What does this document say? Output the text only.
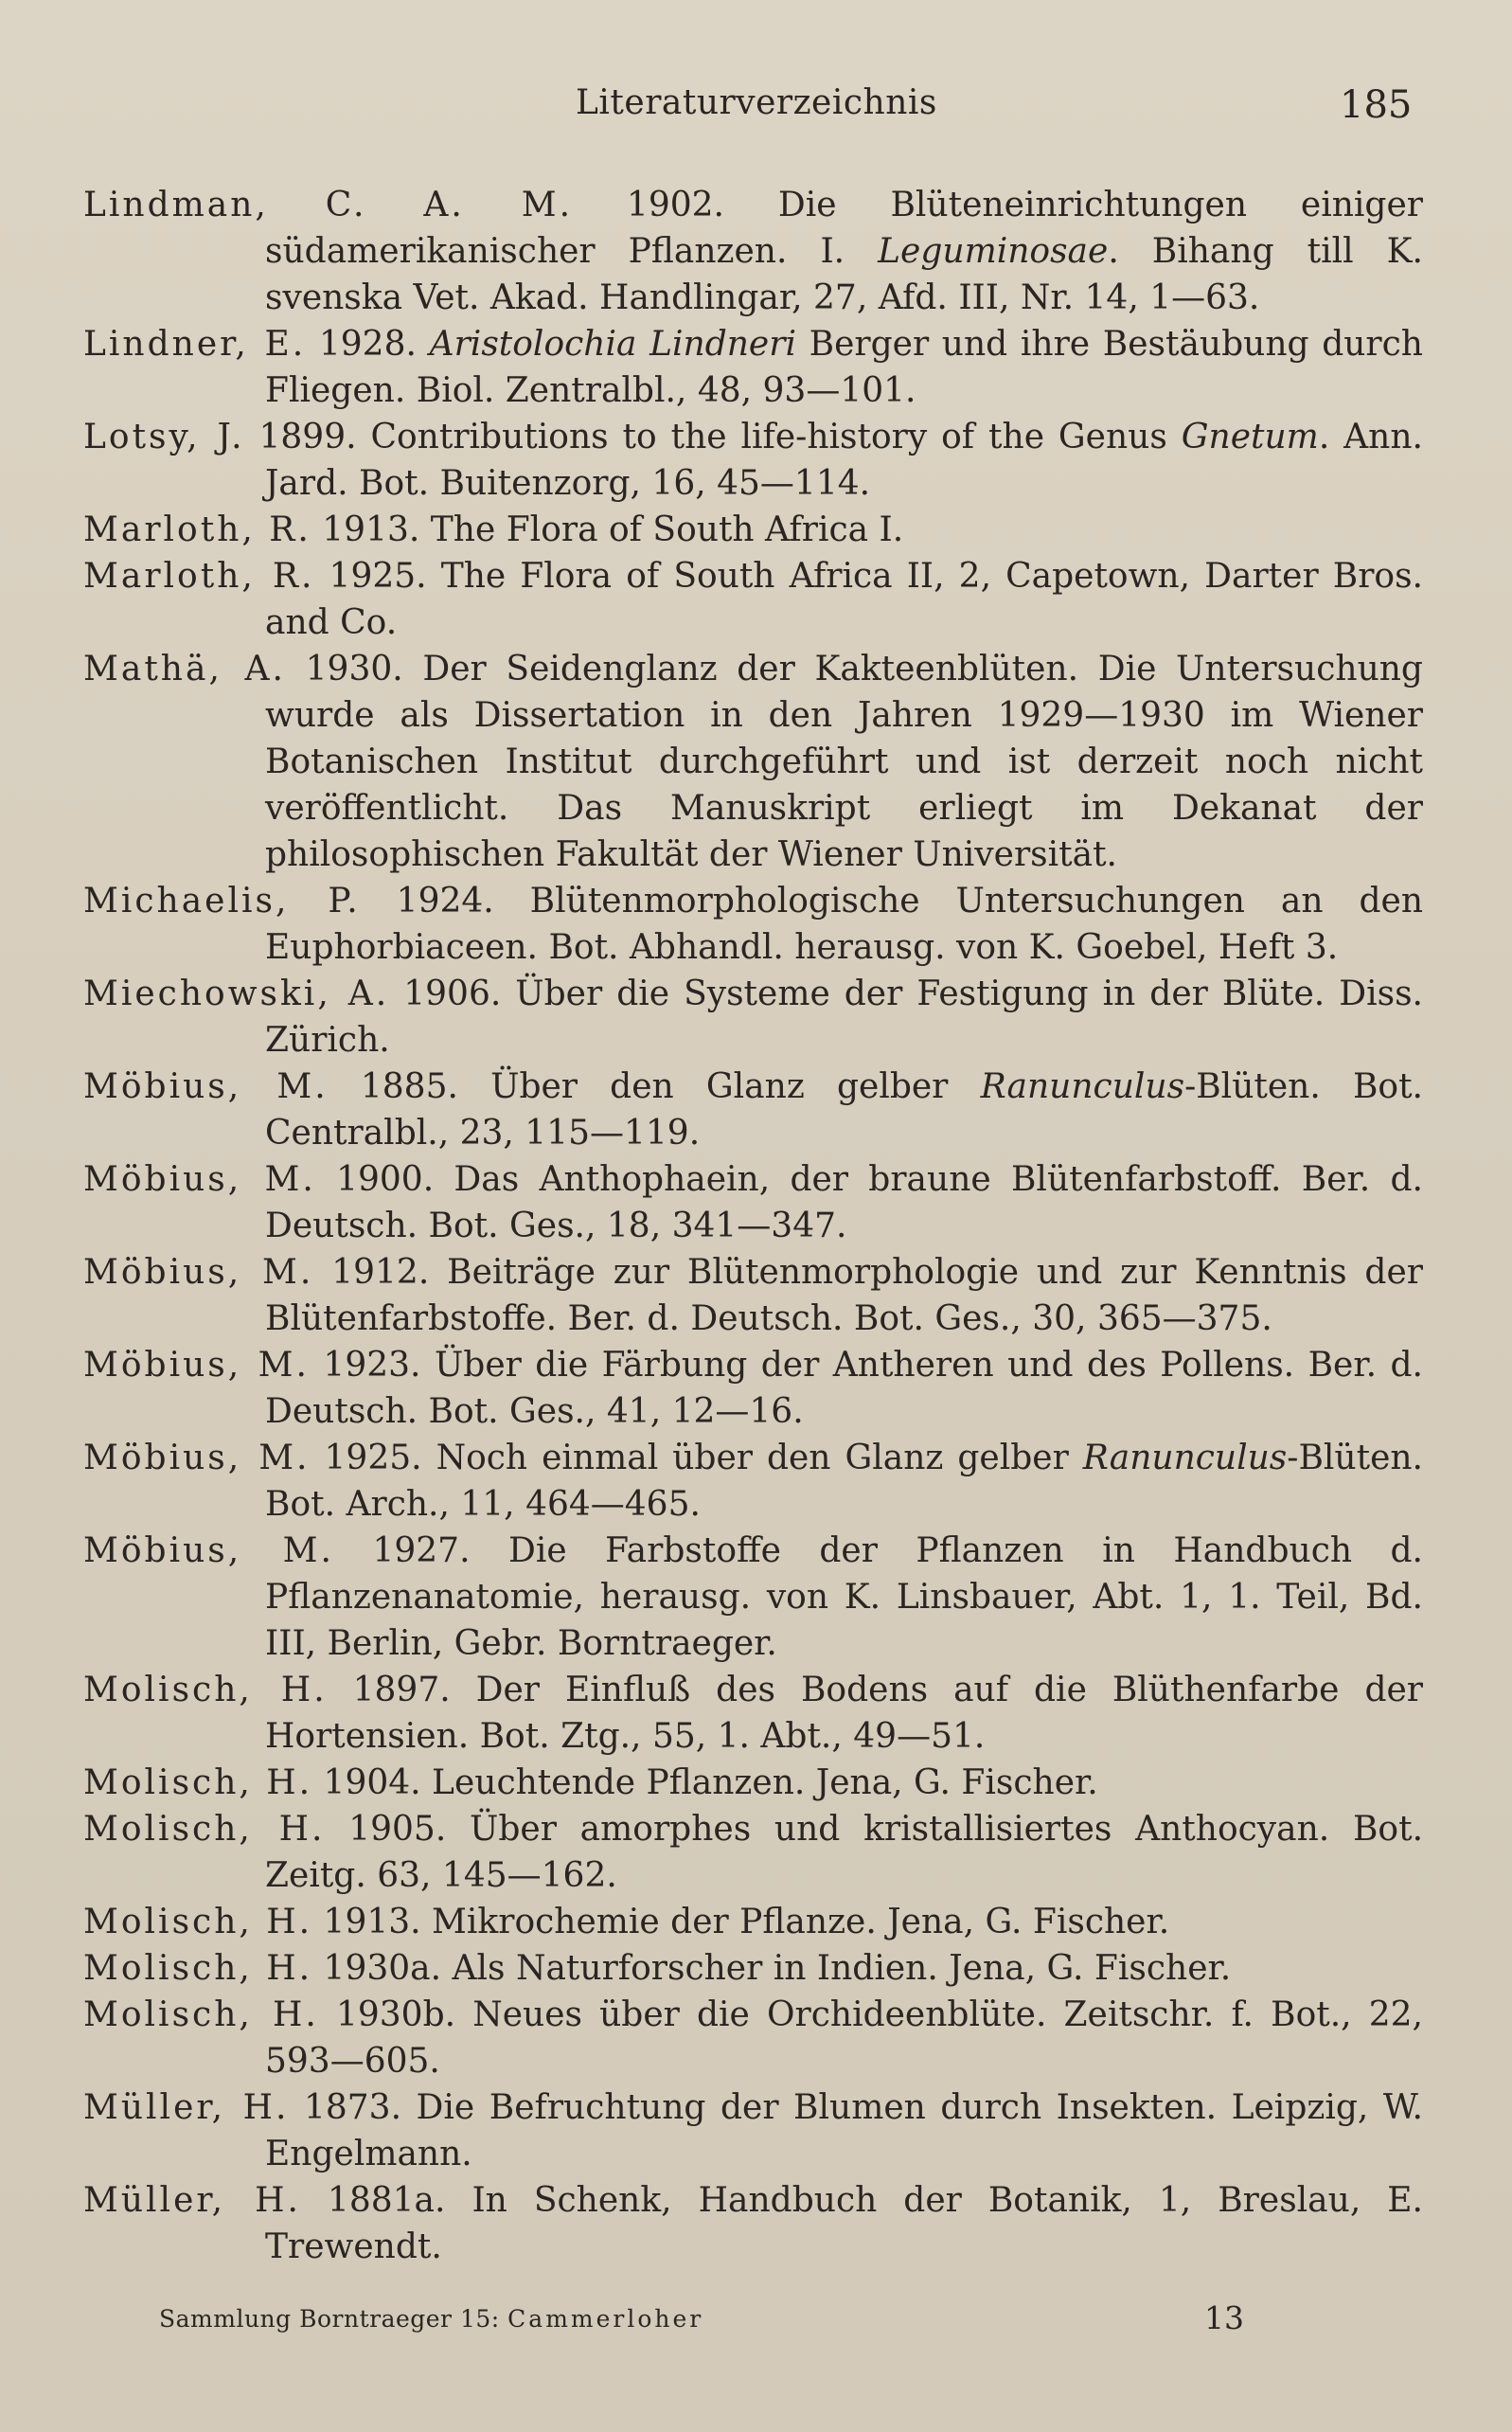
Literaturverzeichnis	185

Lindman, C. A. M. 1902. Die Blüteneinrichtungen einiger südamerikanischer Pflanzen. I. Leguminosae. Bihang till K. svenska Vet. Akad. Handlingar, 27, Afd. III, Nr. 14, 1—63.

Lindner, E. 1928. Aristolochia Lindneri Berger und ihre Bestäubung durch Fliegen. Biol. Zentralbl., 48, 93—101.

Lotsy, J. 1899. Contributions to the life-history of the Genus Gnetum. Ann. Jard. Bot. Buitenzorg, 16, 45—114.

Marloth, R. 1913. The Flora of South Africa I.

Marloth, R. 1925. The Flora of South Africa II, 2, Capetown, Darter Bros. and Co.

Mathä, A. 1930. Der Seidenglanz der Kakteenblüten. Die Untersuchung wurde als Dissertation in den Jahren 1929—1930 im Wiener Botanischen Institut durchgeführt und ist derzeit noch nicht veröffentlicht. Das Manuskript erliegt im Dekanat der philosophischen Fakultät der Wiener Universität.

Michaelis, P. 1924. Blütenmorphologische Untersuchungen an den Euphorbiaceen. Bot. Abhandl. herausg. von K. Goebel, Heft 3.

Miechowski, A. 1906. Über die Systeme der Festigung in der Blüte. Diss. Zürich.

Möbius, M. 1885. Über den Glanz gelber Ranunculus-Blüten. Bot. Centralbl., 23, 115—119.

Möbius, M. 1900. Das Anthophaein, der braune Blütenfarbstoff. Ber. d. Deutsch. Bot. Ges., 18, 341—347.

Möbius, M. 1912. Beiträge zur Blütenmorphologie und zur Kenntnis der Blütenfarbstoffe. Ber. d. Deutsch. Bot. Ges., 30, 365—375.

Möbius, M. 1923. Über die Färbung der Antheren und des Pollens. Ber. d. Deutsch. Bot. Ges., 41, 12—16.

Möbius, M. 1925. Noch einmal über den Glanz gelber Ranunculus-Blüten. Bot. Arch., 11, 464—465.

Möbius, M. 1927. Die Farbstoffe der Pflanzen in Handbuch d. Pflanzenanatomie, herausg. von K. Linsbauer, Abt. 1, 1. Teil, Bd. III, Berlin, Gebr. Borntraeger.

Molisch, H. 1897. Der Einfluß des Bodens auf die Blüthenfarbe der Hortensien. Bot. Ztg., 55, 1. Abt., 49—51.

Molisch, H. 1904. Leuchtende Pflanzen. Jena, G. Fischer.

Molisch, H. 1905. Über amorphes und kristallisiertes Anthocyan. Bot. Zeitg. 63, 145—162.

Molisch, H. 1913. Mikrochemie der Pflanze. Jena, G. Fischer.

Molisch, H. 1930a. Als Naturforscher in Indien. Jena, G. Fischer.

Molisch, H. 1930b. Neues über die Orchideenblüte. Zeitschr. f. Bot., 22, 593—605.

Müller, H. 1873. Die Befruchtung der Blumen durch Insekten. Leipzig, W. Engelmann.

Müller, H. 1881a. In Schenk, Handbuch der Botanik, 1, Breslau, E. Trewendt.

Sammlung Borntraeger 15: Cammerloher	13
